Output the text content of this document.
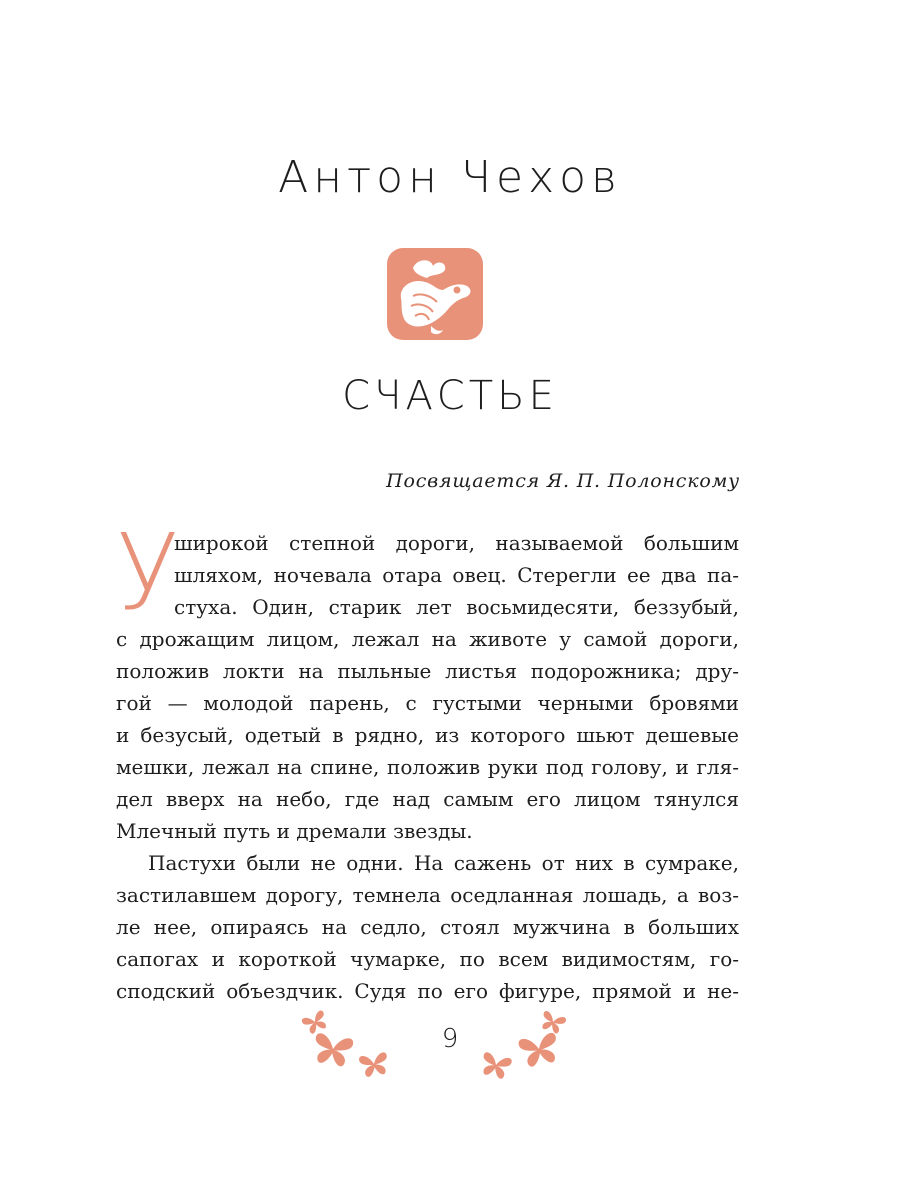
Антон Чехов
СЧАСТЬЕ
Посвящается Я. П. Полонскому
У
широкой степной дороги, называемой большим
шляхом, ночевала отара овец. Стерегли ее два па-
стуха. Один, старик лет восьмидесяти, беззубый,
с дрожащим лицом, лежал на животе у самой дороги,
положив локти на пыльные листья подорожника; дру-
гой — молодой парень, с густыми черными бровями
и безусый, одетый в рядно, из которого шьют дешевые
мешки, лежал на спине, положив руки под голову, и гля-
дел вверх на небо, где над самым его лицом тянулся
Млечный путь и дремали звезды.
Пастухи были не одни. На сажень от них в сумраке,
застилавшем дорогу, темнела оседланная лошадь, а воз-
ле нее, опираясь на седло, стоял мужчина в больших
сапогах и короткой чумарке, по всем видимостям, го-
сподский объездчик. Судя по его фигуре, прямой и не-
9
